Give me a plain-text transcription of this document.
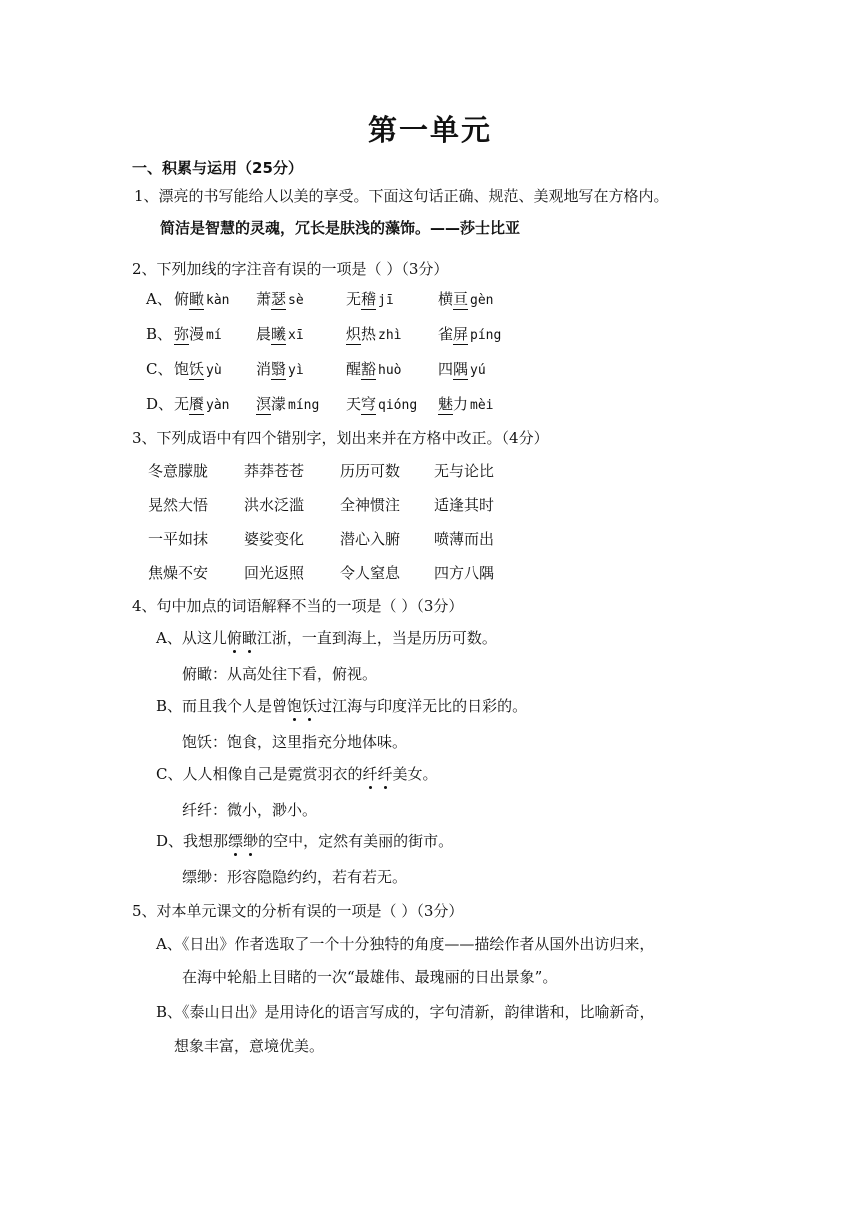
第一单元
一、积累与运用（25分）
1、漂亮的书写能给人以美的享受。下面这句话正确、规范、美观地写在方格内。
简洁是智慧的灵魂，冗长是肤浅的藻饰。——莎士比亚
2、下列加线的字注音有误的一项是（ ）（3分）
A、 俯瞰 kàn 萧瑟 sè	无稽 jī	横亘 gèn
B、 弥漫 mí 晨曦 xī	炽热 zhì 雀屏 píng
C、 饱饫 yù 消翳 yì	醒豁 huò 四隅 yú
D、 无餍 yàn 溟濛 míng 天穹 qióng 魅力 mèi
3、下列成语中有四个错别字，划出来并在方格中改正。（4分）
冬意朦胧 莽莽苍苍 历历可数 无与论比
晃然大悟 洪水泛滥 全神惯注 适逢其时
一平如抹 婆娑变化 潜心入腑 喷薄而出
焦燥不安 回光返照 令人窒息 四方八隅
4、句中加点的词语解释不当的一项是（ ）（3分）
A、从这儿俯瞰江浙，一直到海上，当是历历可数。
俯瞰：从高处往下看，俯视。
B、而且我个人是曾饱饫过江海与印度洋无比的日彩的。
饱饫：饱食，这里指充分地体味。
C、人人相像自己是霓赏羽衣的纤纤美女。
纤纤：微小，渺小。
D、我想那缥缈的空中，定然有美丽的街市。
缥缈：形容隐隐约约，若有若无。
5、对本单元课文的分析有误的一项是（ ）（3分）
A、《日出》作者选取了一个十分独特的角度——描绘作者从国外出访归来，
在海中轮船上目睹的一次“最雄伟、最瑰丽的日出景象”。
B、《泰山日出》是用诗化的语言写成的，字句清新，韵律谐和，比喻新奇，
想象丰富，意境优美。
